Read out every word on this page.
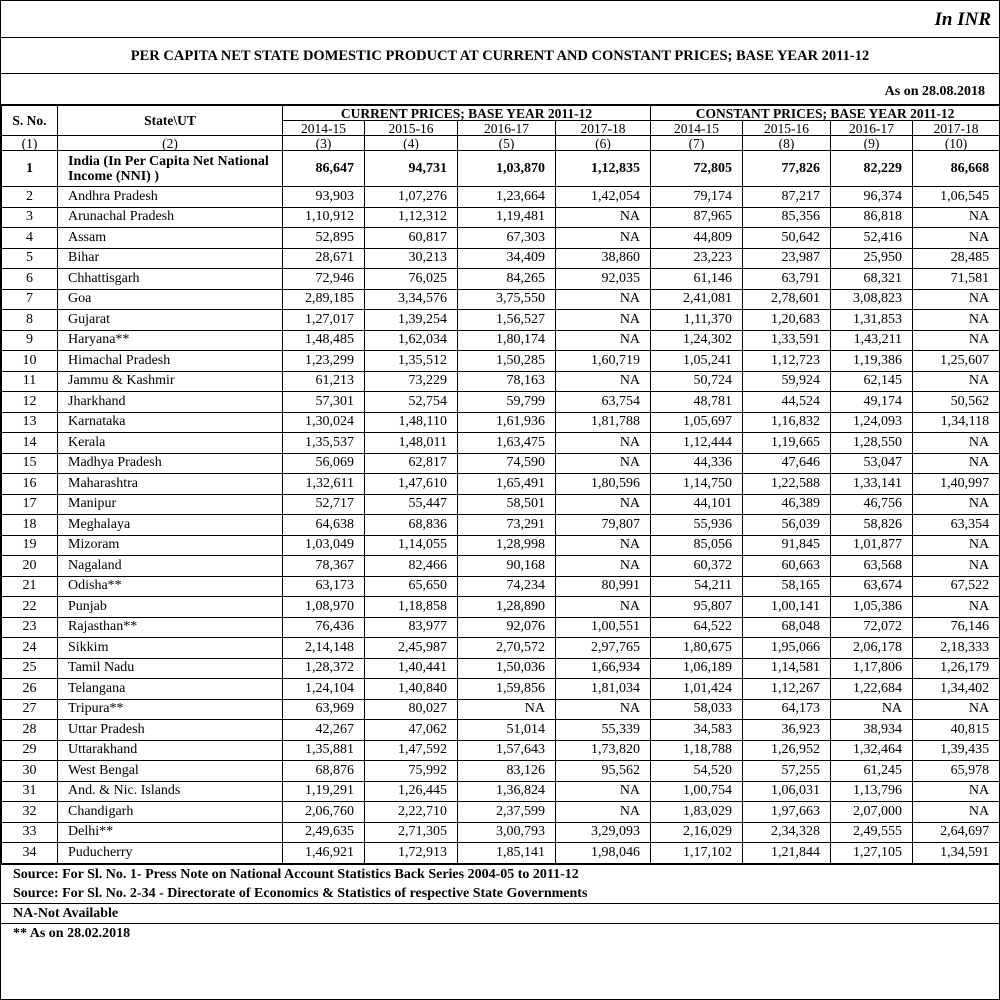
In INR
PER CAPITA NET STATE DOMESTIC PRODUCT AT CURRENT AND CONSTANT PRICES; BASE YEAR 2011-12
As on 28.08.2018
S. No.	State\UT	CURRENT PRICES; BASE YEAR 2011-12				CONSTANT PRICES; BASE YEAR 2011-12			
		2014-15	2015-16	2016-17	2017-18	2014-15	2015-16	2016-17	2017-18
(1)	(2)	(3)	(4)	(5)	(6)	(7)	(8)	(9)	(10)
1	India (In Per Capita Net National Income (NNI) )	86,647	94,731	1,03,870	1,12,835	72,805	77,826	82,229	86,668
2	Andhra Pradesh	93,903	1,07,276	1,23,664	1,42,054	79,174	87,217	96,374	1,06,545
3	Arunachal Pradesh	1,10,912	1,12,312	1,19,481	NA	87,965	85,356	86,818	NA
4	Assam	52,895	60,817	67,303	NA	44,809	50,642	52,416	NA
5	Bihar	28,671	30,213	34,409	38,860	23,223	23,987	25,950	28,485
6	Chhattisgarh	72,946	76,025	84,265	92,035	61,146	63,791	68,321	71,581
7	Goa	2,89,185	3,34,576	3,75,550	NA	2,41,081	2,78,601	3,08,823	NA
8	Gujarat	1,27,017	1,39,254	1,56,527	NA	1,11,370	1,20,683	1,31,853	NA
9	Haryana**	1,48,485	1,62,034	1,80,174	NA	1,24,302	1,33,591	1,43,211	NA
10	Himachal Pradesh	1,23,299	1,35,512	1,50,285	1,60,719	1,05,241	1,12,723	1,19,386	1,25,607
11	Jammu & Kashmir	61,213	73,229	78,163	NA	50,724	59,924	62,145	NA
12	Jharkhand	57,301	52,754	59,799	63,754	48,781	44,524	49,174	50,562
13	Karnataka	1,30,024	1,48,110	1,61,936	1,81,788	1,05,697	1,16,832	1,24,093	1,34,118
14	Kerala	1,35,537	1,48,011	1,63,475	NA	1,12,444	1,19,665	1,28,550	NA
15	Madhya Pradesh	56,069	62,817	74,590	NA	44,336	47,646	53,047	NA
16	Maharashtra	1,32,611	1,47,610	1,65,491	1,80,596	1,14,750	1,22,588	1,33,141	1,40,997
17	Manipur	52,717	55,447	58,501	NA	44,101	46,389	46,756	NA
18	Meghalaya	64,638	68,836	73,291	79,807	55,936	56,039	58,826	63,354
19	Mizoram	1,03,049	1,14,055	1,28,998	NA	85,056	91,845	1,01,877	NA
20	Nagaland	78,367	82,466	90,168	NA	60,372	60,663	63,568	NA
21	Odisha**	63,173	65,650	74,234	80,991	54,211	58,165	63,674	67,522
22	Punjab	1,08,970	1,18,858	1,28,890	NA	95,807	1,00,141	1,05,386	NA
23	Rajasthan**	76,436	83,977	92,076	1,00,551	64,522	68,048	72,072	76,146
24	Sikkim	2,14,148	2,45,987	2,70,572	2,97,765	1,80,675	1,95,066	2,06,178	2,18,333
25	Tamil Nadu	1,28,372	1,40,441	1,50,036	1,66,934	1,06,189	1,14,581	1,17,806	1,26,179
26	Telangana	1,24,104	1,40,840	1,59,856	1,81,034	1,01,424	1,12,267	1,22,684	1,34,402
27	Tripura**	63,969	80,027	NA	NA	58,033	64,173	NA	NA
28	Uttar Pradesh	42,267	47,062	51,014	55,339	34,583	36,923	38,934	40,815
29	Uttarakhand	1,35,881	1,47,592	1,57,643	1,73,820	1,18,788	1,26,952	1,32,464	1,39,435
30	West Bengal	68,876	75,992	83,126	95,562	54,520	57,255	61,245	65,978
31	And. & Nic. Islands	1,19,291	1,26,445	1,36,824	NA	1,00,754	1,06,031	1,13,796	NA
32	Chandigarh	2,06,760	2,22,710	2,37,599	NA	1,83,029	1,97,663	2,07,000	NA
33	Delhi**	2,49,635	2,71,305	3,00,793	3,29,093	2,16,029	2,34,328	2,49,555	2,64,697
34	Puducherry	1,46,921	1,72,913	1,85,141	1,98,046	1,17,102	1,21,844	1,27,105	1,34,591
Source: For Sl. No. 1- Press Note on National Account Statistics Back Series 2004-05 to 2011-12
Source: For Sl. No. 2-34 - Directorate of Economics & Statistics of respective State Governments
NA-Not Available
** As on 28.02.2018
